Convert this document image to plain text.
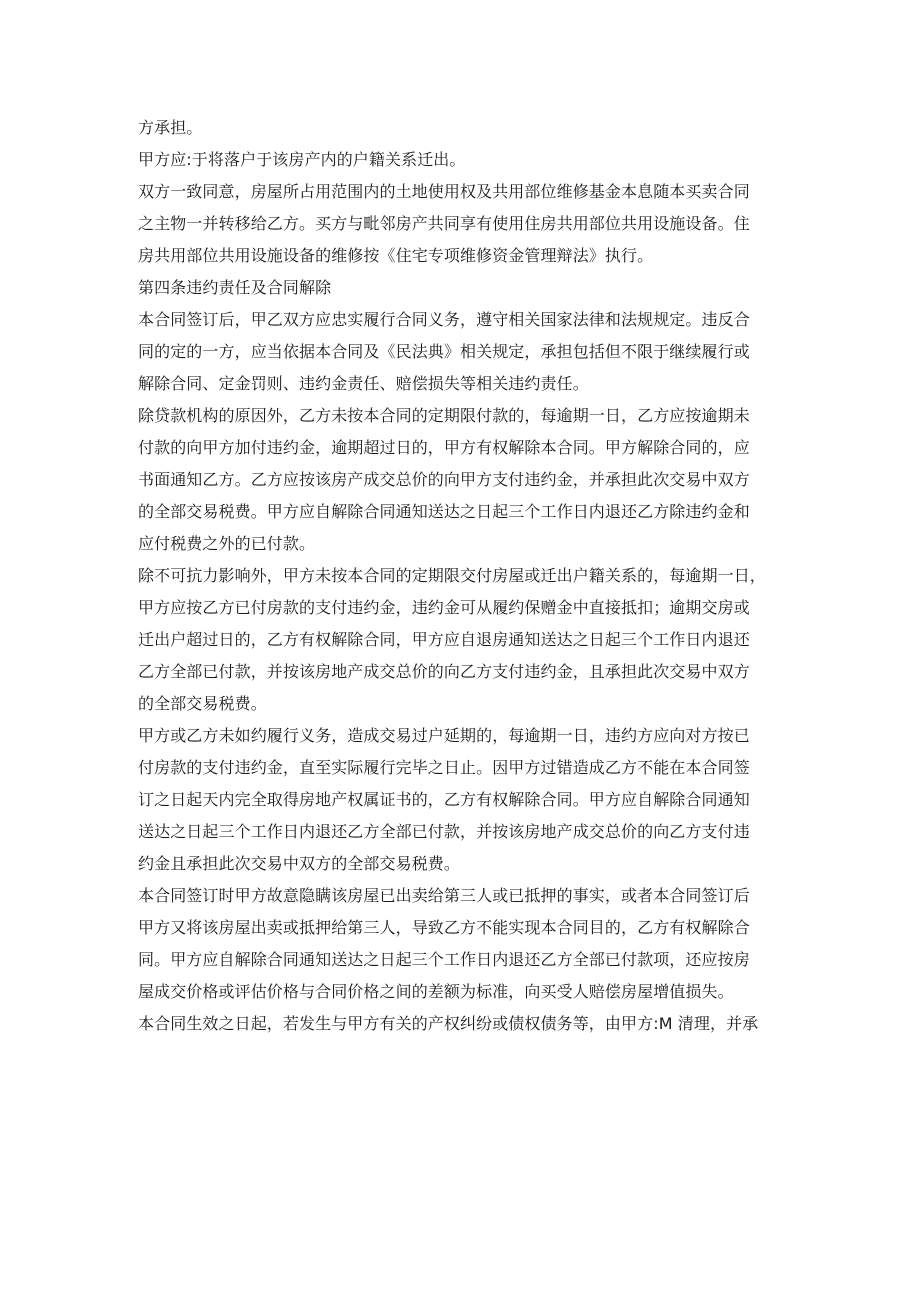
方承担。
甲方应:于将落户于该房产内的户籍关系迁出。
双方一致同意，房屋所占用范围内的土地使用权及共用部位维修基金本息随本买卖合同
之主物一并转移给乙方。买方与毗邻房产共同享有使用住房共用部位共用设施设备。住
房共用部位共用设施设备的维修按《住宅专项维修资金管理辩法》执行。
第四条违约责任及合同解除
本合同签订后，甲乙双方应忠实履行合同义务，遵守相关国家法律和法规规定。违反合
同的定的一方，应当依据本合同及《民法典》相关规定，承担包括但不限于继续履行或
解除合同、定金罚则、违约金责任、赔偿损失等相关违约责任。
除贷款机构的原因外，乙方未按本合同的定期限付款的，每逾期一日，乙方应按逾期未
付款的向甲方加付违约金，逾期超过日的，甲方有权解除本合同。甲方解除合同的，应
书面通知乙方。乙方应按该房产成交总价的向甲方支付违约金，并承担此次交易中双方
的全部交易税费。甲方应自解除合同通知送达之日起三个工作日内退还乙方除违约金和
应付税费之外的已付款。
除不可抗力影响外，甲方未按本合同的定期限交付房屋或迁出户籍关系的，每逾期一日，
甲方应按乙方已付房款的支付违约金，违约金可从履约保赠金中直接抵扣；逾期交房或
迁出户超过日的，乙方有权解除合同，甲方应自退房通知送达之日起三个工作日内退还
乙方全部已付款，并按该房地产成交总价的向乙方支付违约金，且承担此次交易中双方
的全部交易税费。
甲方或乙方未如约履行义务，造成交易过户延期的，每逾期一日，违约方应向对方按已
付房款的支付违约金，直至实际履行完毕之日止。因甲方过错造成乙方不能在本合同签
订之日起天内完全取得房地产权属证书的，乙方有权解除合同。甲方应自解除合同通知
送达之日起三个工作日内退还乙方全部已付款，并按该房地产成交总价的向乙方支付违
约金且承担此次交易中双方的全部交易税费。
本合同签订时甲方故意隐瞒该房屋已出卖给第三人或已抵押的事实，或者本合同签订后
甲方又将该房屋出卖或抵押给第三人，导致乙方不能实现本合同目的，乙方有权解除合
同。甲方应自解除合同通知送达之日起三个工作日内退还乙方全部已付款项，还应按房
屋成交价格或评估价格与合同价格之间的差额为标准，向买受人赔偿房屋增值损失。
本合同生效之日起，若发生与甲方有关的产权纠纷或债权债务等，由甲方:M 清理，并承
